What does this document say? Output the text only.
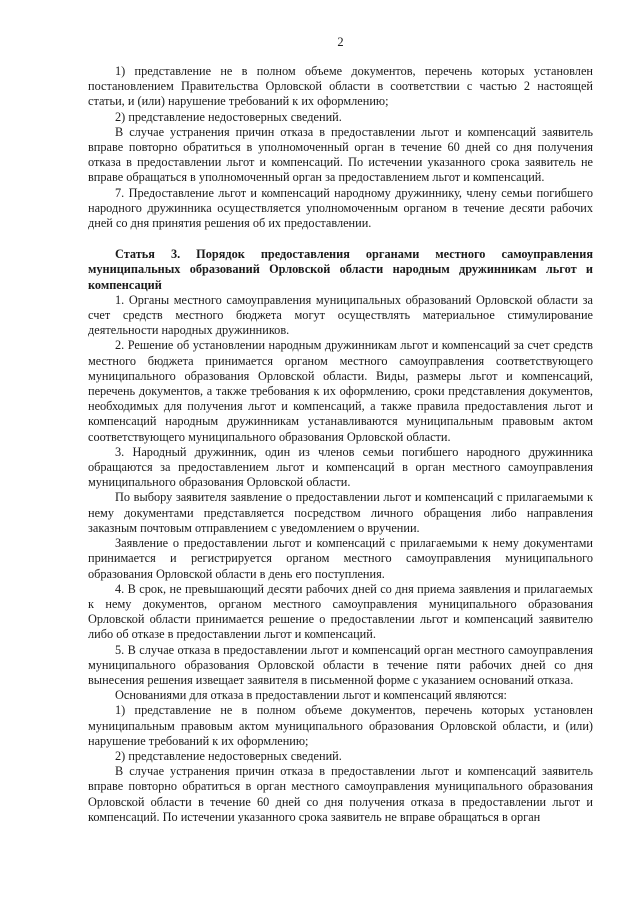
2

1) представление не в полном объеме документов, перечень которых установлен постановлением Правительства Орловской области в соответствии с частью 2 настоящей статьи, и (или) нарушение требований к их оформлению;

2) представление недостоверных сведений.

В случае устранения причин отказа в предоставлении льгот и компенсаций заявитель вправе повторно обратиться в уполномоченный орган в течение 60 дней со дня получения отказа в предоставлении льгот и компенсаций. По истечении указанного срока заявитель не вправе обращаться в уполномоченный орган за предоставлением льгот и компенсаций.

7. Предоставление льгот и компенсаций народному дружиннику, члену семьи погибшего народного дружинника осуществляется уполномоченным органом в течение десяти рабочих дней со дня принятия решения об их предоставлении.

Статья 3. Порядок предоставления органами местного самоуправления муниципальных образований Орловской области народным дружинникам льгот и компенсаций

1. Органы местного самоуправления муниципальных образований Орловской области за счет средств местного бюджета могут осуществлять материальное стимулирование деятельности народных дружинников.

2. Решение об установлении народным дружинникам льгот и компенсаций за счет средств местного бюджета принимается органом местного самоуправления соответствующего муниципального образования Орловской области. Виды, размеры льгот и компенсаций, перечень документов, а также требования к их оформлению, сроки представления документов, необходимых для получения льгот и компенсаций, а также правила предоставления льгот и компенсаций народным дружинникам устанавливаются муниципальным правовым актом соответствующего муниципального образования Орловской области.

3. Народный дружинник, один из членов семьи погибшего народного дружинника обращаются за предоставлением льгот и компенсаций в орган местного самоуправления муниципального образования Орловской области.

По выбору заявителя заявление о предоставлении льгот и компенсаций с прилагаемыми к нему документами представляется посредством личного обращения либо направления заказным почтовым отправлением с уведомлением о вручении.

Заявление о предоставлении льгот и компенсаций с прилагаемыми к нему документами принимается и регистрируется органом местного самоуправления муниципального образования Орловской области в день его поступления.

4. В срок, не превышающий десяти рабочих дней со дня приема заявления и прилагаемых к нему документов, органом местного самоуправления муниципального образования Орловской области принимается решение о предоставлении льгот и компенсаций заявителю либо об отказе в предоставлении льгот и компенсаций.

5. В случае отказа в предоставлении льгот и компенсаций орган местного самоуправления муниципального образования Орловской области в течение пяти рабочих дней со дня вынесения решения извещает заявителя в письменной форме с указанием оснований отказа.

Основаниями для отказа в предоставлении льгот и компенсаций являются:

1) представление не в полном объеме документов, перечень которых установлен муниципальным правовым актом муниципального образования Орловской области, и (или) нарушение требований к их оформлению;

2) представление недостоверных сведений.

В случае устранения причин отказа в предоставлении льгот и компенсаций заявитель вправе повторно обратиться в орган местного самоуправления муниципального образования Орловской области в течение 60 дней со дня получения отказа в предоставлении льгот и компенсаций. По истечении указанного срока заявитель не вправе обращаться в орган
